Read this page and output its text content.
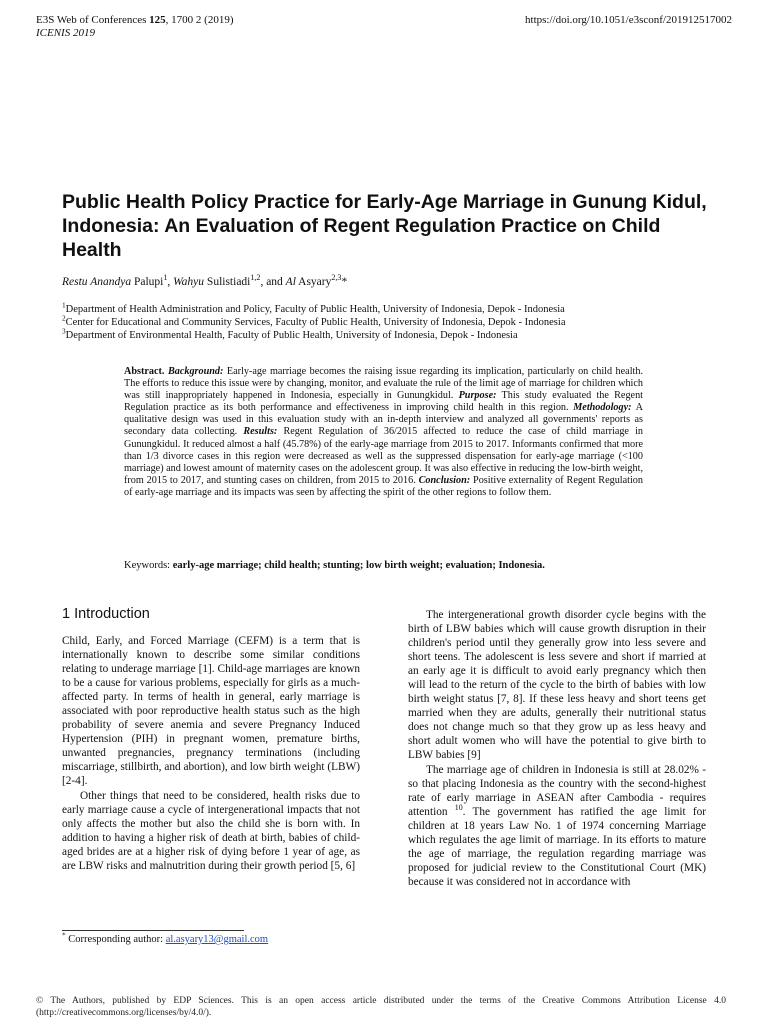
E3S Web of Conferences 125, 1700 2 (2019)
ICENIS 2019
https://doi.org/10.1051/e3sconf/201912517002
Public Health Policy Practice for Early-Age Marriage in Gunung Kidul, Indonesia: An Evaluation of Regent Regulation Practice on Child Health
Restu Anandya Palupi$^1$, Wahyu Sulistiadi$^{1,2}$, and Al Asyary$^{2,3}$*
$^1$Department of Health Administration and Policy, Faculty of Public Health, University of Indonesia, Depok - Indonesia
$^2$Center for Educational and Community Services, Faculty of Public Health, University of Indonesia, Depok - Indonesia
$^3$Department of Environmental Health, Faculty of Public Health, University of Indonesia, Depok - Indonesia
Abstract. Background: Early-age marriage becomes the raising issue regarding its implication, particularly on child health. The efforts to reduce this issue were by changing, monitor, and evaluate the rule of the limit age of marriage for children which was still inappropriately happened in Indonesia, especially in Gunungkidul. Purpose: This study evaluated the Regent Regulation practice as its both performance and effectiveness in improving child health in this region. Methodology: A qualitative design was used in this evaluation study with an in-depth interview and analyzed all governments' reports as secondary data collecting. Results: Regent Regulation of 36/2015 affected to reduce the case of child marriage in Gunungkidul. It reduced almost a half (45.78%) of the early-age marriage from 2015 to 2017. Informants confirmed that more than 1/3 divorce cases in this region were decreased as well as the suppressed dispensation for early-age marriage (<100 marriage) and lowest amount of maternity cases on the adolescent group. It was also effective in reducing the low-birth weight, from 2015 to 2017, and stunting cases on children, from 2015 to 2016. Conclusion: Positive externality of Regent Regulation of early-age marriage and its impacts was seen by affecting the spirit of the other regions to follow them.
Keywords: early-age marriage; child health; stunting; low birth weight; evaluation; Indonesia.
1 Introduction

Child, Early, and Forced Marriage (CEFM) is a term that is internationally known to describe some similar conditions relating to underage marriage [1]. Child-age marriages are known to be a cause for various problems, especially for girls as a much-affected party. In terms of health in general, early marriage is associated with poor reproductive health status such as the high probability of severe anemia and severe Pregnancy Induced Hypertension (PIH) in pregnant women, premature births, unwanted pregnancies, pregnancy terminations (including miscarriage, stillbirth, and abortion), and low birth weight (LBW) [2-4].

Other things that need to be considered, health risks due to early marriage cause a cycle of intergenerational impacts that not only affects the mother but also the child she is born with. In addition to having a higher risk of death at birth, babies of child-aged brides are at a higher risk of dying before 1 year of age, as are LBW risks and malnutrition during their growth period [5, 6]

The intergenerational growth disorder cycle begins with the birth of LBW babies which will cause growth disruption in their children's period until they generally grow into less severe and short teens. The adolescent is less severe and short if married at an early age it is difficult to avoid early pregnancy which then will lead to the return of the cycle to the birth of babies with low birth weight status [7, 8]. If these less heavy and short teens get married when they are adults, generally their nutritional status does not change much so that they grow up as less heavy and short adult women who will have the potential to give birth to LBW babies [9]

The marriage age of children in Indonesia is still at 28.02% - so that placing Indonesia as the country with the second-highest rate of early marriage in ASEAN after Cambodia - requires attention $^{10}$. The government has ratified the age limit for children at 18 years Law No. 1 of 1974 concerning Marriage which regulates the age limit of marriage. In its efforts to mature the age of marriage, the regulation regarding marriage was proposed for judicial review to the Constitutional Court (MK) because it was considered not in accordance with

* Corresponding author: al.asyary13@gmail.com
© The Authors, published by EDP Sciences. This is an open access article distributed under the terms of the Creative Commons Attribution License 4.0 (http://creativecommons.org/licenses/by/4.0/).
